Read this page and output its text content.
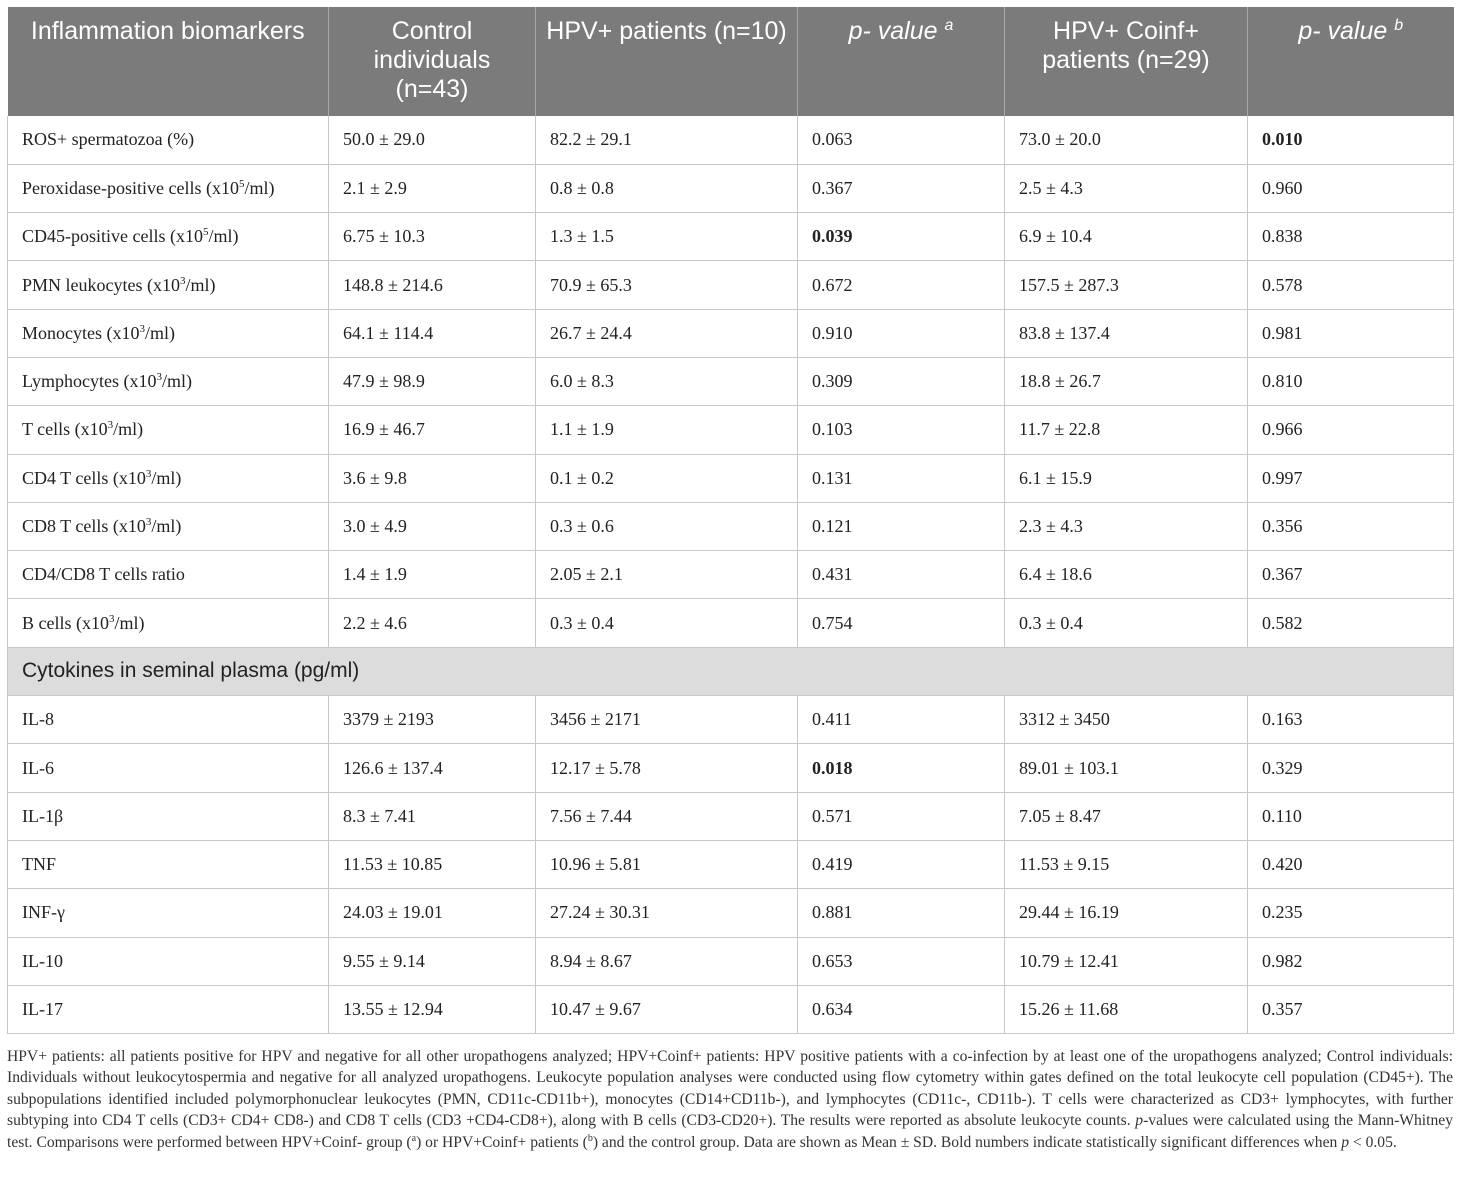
Inflammation biomarkers	Control individuals (n=43)	HPV+ patients (n=10)	p- value $^a$	HPV+ Coinf+ patients (n=29)	p- value $^b$
ROS+ spermatozoa (%)	50.0 ± 29.0	82.2 ± 29.1	0.063	73.0 ± 20.0	0.010
Peroxidase-positive cells $(x10^5/ml)$	2.1 ± 2.9	0.8 ± 0.8	0.367	2.5 ± 4.3	0.960
CD45-positive cells $(x10^5/ml)$	6.75 ± 10.3	1.3 ± 1.5	0.039	6.9 ± 10.4	0.838
PMN leukocytes $(x10^3/ml)$	148.8 ± 214.6	70.9 ± 65.3	0.672	157.5 ± 287.3	0.578
Monocytes $(x10^3/ml)$	64.1 ± 114.4	26.7 ± 24.4	0.910	83.8 ± 137.4	0.981
Lymphocytes $(x10^3/ml)$	47.9 ± 98.9	6.0 ± 8.3	0.309	18.8 ± 26.7	0.810
T cells $(x10^3/ml)$	16.9 ± 46.7	1.1 ± 1.9	0.103	11.7 ± 22.8	0.966
CD4 T cells $(x10^3/ml)$	3.6 ± 9.8	0.1 ± 0.2	0.131	6.1 ± 15.9	0.997
CD8 T cells $(x10^3/ml)$	3.0 ± 4.9	0.3 ± 0.6	0.121	2.3 ± 4.3	0.356
CD4/CD8 T cells ratio	1.4 ± 1.9	2.05 ± 2.1	0.431	6.4 ± 18.6	0.367
B cells $(x10^3/ml)$	2.2 ± 4.6	0.3 ± 0.4	0.754	0.3 ± 0.4	0.582
Cytokines in seminal plasma (pg/ml)					
IL-8	3379 ± 2193	3456 ± 2171	0.411	3312 ± 3450	0.163
IL-6	126.6 ± 137.4	12.17 ± 5.78	0.018	89.01 ± 103.1	0.329
IL-1β	8.3 ± 7.41	7.56 ± 7.44	0.571	7.05 ± 8.47	0.110
TNF	11.53 ± 10.85	10.96 ± 5.81	0.419	11.53 ± 9.15	0.420
INF-γ	24.03 ± 19.01	27.24 ± 30.31	0.881	29.44 ± 16.19	0.235
IL-10	9.55 ± 9.14	8.94 ± 8.67	0.653	10.79 ± 12.41	0.982
IL-17	13.55 ± 12.94	10.47 ± 9.67	0.634	15.26 ± 11.68	0.357

HPV+ patients: all patients positive for HPV and negative for all other uropathogens analyzed; HPV+Coinf+ patients: HPV positive patients with a co-infection by at least one of the uropathogens analyzed; Control individuals: Individuals without leukocytospermia and negative for all analyzed uropathogens. Leukocyte population analyses were conducted using flow cytometry within gates defined on the total leukocyte cell population (CD45+). The subpopulations identified included polymorphonuclear leukocytes (PMN, CD11c-CD11b+), monocytes (CD14+CD11b-), and lymphocytes (CD11c-, CD11b-). T cells were characterized as CD3+ lymphocytes, with further subtyping into CD4 T cells (CD3+ CD4+ CD8-) and CD8 T cells (CD3 +CD4-CD8+), along with B cells (CD3-CD20+). The results were reported as absolute leukocyte counts. p-values were calculated using the Mann-Whitney test. Comparisons were performed between HPV+Coinf- group ($^a$) or HPV+Coinf+ patients ($^b$) and the control group. Data are shown as Mean ± SD. Bold numbers indicate statistically significant differences when p < 0.05.
